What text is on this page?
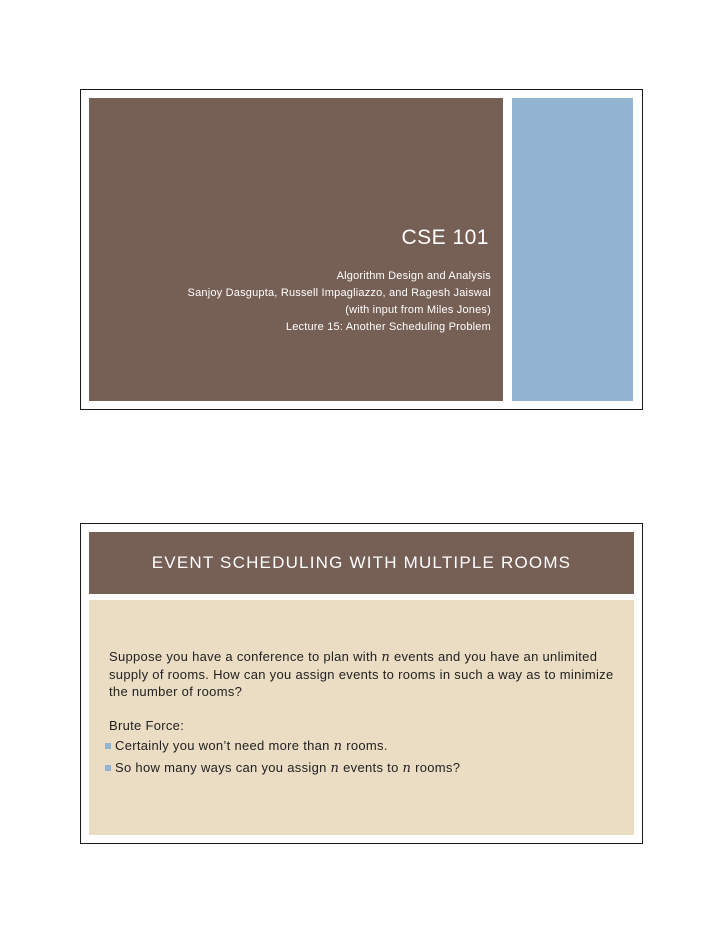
CSE 101
Algorithm Design and Analysis
Sanjoy Dasgupta, Russell Impagliazzo, and Ragesh Jaiswal
(with input from Miles Jones)
Lecture 15: Another Scheduling Problem
EVENT SCHEDULING WITH MULTIPLE ROOMS

Suppose you have a conference to plan with n events and you have an unlimited supply of rooms. How can you assign events to rooms in such a way as to minimize the number of rooms?

Brute Force:

Certainly you won’t need more than n rooms.
So how many ways can you assign n events to n rooms?
